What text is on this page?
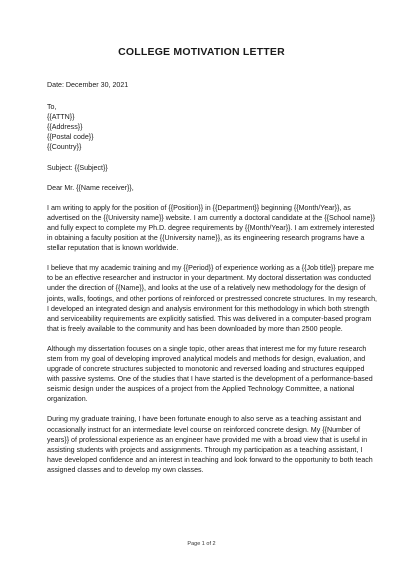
COLLEGE MOTIVATION LETTER

Date: December 30, 2021

To,
{{ATTN}}
{{Address}}
{{Postal code}}
{{Country}}

Subject: {{Subject}}

Dear Mr. {{Name receiver}},

I am writing to apply for the position of {{Position}} in {{Department}} beginning {{Month/Year}}, as advertised on the {{University name}} website. I am currently a doctoral candidate at the {{School name}} and fully expect to complete my Ph.D. degree requirements by {{Month/Year}}. I am extremely interested in obtaining a faculty position at the {{University name}}, as its engineering research programs have a stellar reputation that is known worldwide.

I believe that my academic training and my {{Period}} of experience working as a {{Job title}} prepare me to be an effective researcher and instructor in your department. My doctoral dissertation was conducted under the direction of {{Name}}, and looks at the use of a relatively new methodology for the design of joints, walls, footings, and other portions of reinforced or prestressed concrete structures. In my research, I developed an integrated design and analysis environment for this methodology in which both strength and serviceability requirements are explicitly satisfied. This was delivered in a computer-based program that is freely available to the community and has been downloaded by more than 2500 people.

Although my dissertation focuses on a single topic, other areas that interest me for my future research stem from my goal of developing improved analytical models and methods for design, evaluation, and upgrade of concrete structures subjected to monotonic and reversed loading and structures equipped with passive systems. One of the studies that I have started is the development of a performance-based seismic design under the auspices of a project from the Applied Technology Committee, a national organization.

During my graduate training, I have been fortunate enough to also serve as a teaching assistant and occasionally instruct for an intermediate level course on reinforced concrete design. My {{Number of years}} of professional experience as an engineer have provided me with a broad view that is useful in assisting students with projects and assignments. Through my participation as a teaching assistant, I have developed confidence and an interest in teaching and look forward to the opportunity to both teach assigned classes and to develop my own classes.

Page 1 of 2
